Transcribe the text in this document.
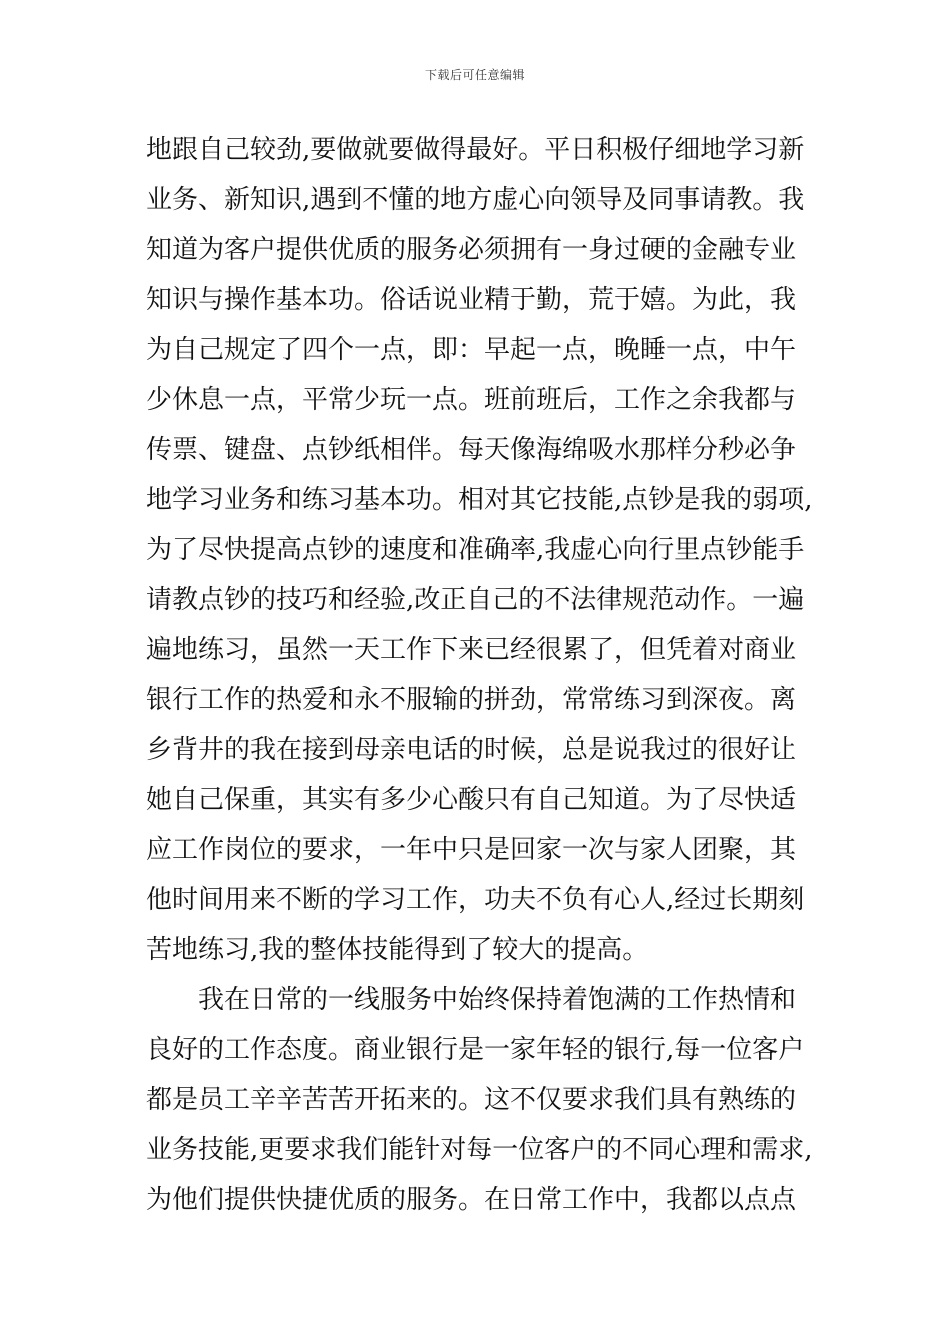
下载后可任意编辑
地跟自己较劲,要做就要做得最好。平日积极仔细地学习新
业务、新知识,遇到不懂的地方虚心向领导及同事请教。我
知道为客户提供优质的服务必须拥有一身过硬的金融专业
知识与操作基本功。俗话说业精于勤，荒于嬉。为此，我
为自己规定了四个一点，即：早起一点，晚睡一点，中午
少休息一点，平常少玩一点。班前班后，工作之余我都与
传票、键盘、点钞纸相伴。每天像海绵吸水那样分秒必争
地学习业务和练习基本功。相对其它技能,点钞是我的弱项,
为了尽快提高点钞的速度和准确率,我虚心向行里点钞能手
请教点钞的技巧和经验,改正自己的不法律规范动作。一遍
遍地练习，虽然一天工作下来已经很累了，但凭着对商业
银行工作的热爱和永不服输的拼劲，常常练习到深夜。离
乡背井的我在接到母亲电话的时候，总是说我过的很好让
她自己保重，其实有多少心酸只有自己知道。为了尽快适
应工作岗位的要求，一年中只是回家一次与家人团聚，其
他时间用来不断的学习工作，功夫不负有心人,经过长期刻
苦地练习,我的整体技能得到了较大的提高。
　　我在日常的一线服务中始终保持着饱满的工作热情和
良好的工作态度。商业银行是一家年轻的银行,每一位客户
都是员工辛辛苦苦开拓来的。这不仅要求我们具有熟练的
业务技能,更要求我们能针对每一位客户的不同心理和需求,
为他们提供快捷优质的服务。在日常工作中，我都以点点
